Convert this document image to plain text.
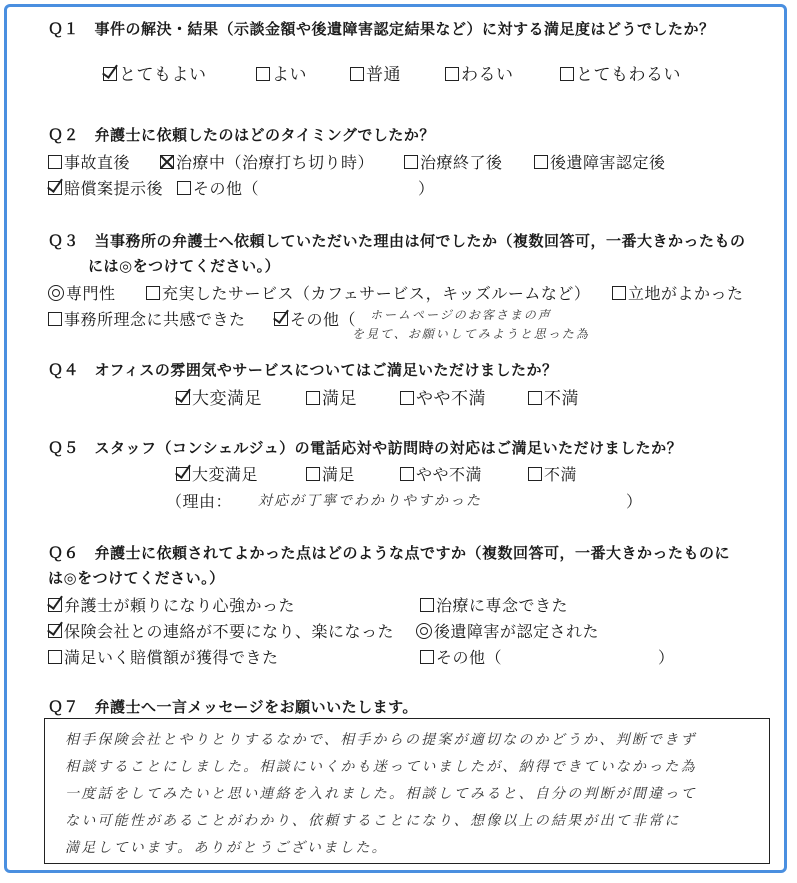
Ｑ１　事件の解決・結果（示談金額や後遺障害認定結果など）に対する満足度はどうでしたか？
とてもよい	よい	普通	わるい	とてもわるい
Ｑ２　弁護士に依頼したのはどのタイミングでしたか？
事故直後	治療中（治療打ち切り時）	治療終了後	後遺障害認定後
賠償案提示後	その他（	）
Ｑ３　当事務所の弁護士へ依頼していただいた理由は何でしたか（複数回答可，一番大きかったもの
には◎をつけてください。）
専門性	充実したサービス（カフェサービス，キッズルームなど）	立地がよかった
事務所理念に共感できた	その他（ ホームページのお客さまの声
を見て、お願いしてみようと思った為
Ｑ４　オフィスの雰囲気やサービスについてはご満足いただけましたか？
大変満足	満足	やや不満	不満
Ｑ５　スタッフ（コンシェルジュ）の電話応対や訪問時の対応はご満足いただけましたか？
大変満足	満足	やや不満	不満
（理由： 対応が丁寧でわかりやすかった	）
Ｑ６　弁護士に依頼されてよかった点はどのような点ですか（複数回答可，一番大きかったものに
は◎をつけてください。）
弁護士が頼りになり心強かった	治療に専念できた
保険会社との連絡が不要になり、楽になった	後遺障害が認定された
満足いく賠償額が獲得できた	その他（	）
Ｑ７　弁護士へ一言メッセージをお願いいたします。
相手保険会社とやりとりするなかで、相手からの提案が適切なのかどうか、判断できず
相談することにしました。相談にいくかも迷っていましたが、納得できていなかった為
一度話をしてみたいと思い連絡を入れました。相談してみると、自分の判断が間違って
ない可能性があることがわかり、依頼することになり、想像以上の結果が出て非常に
満足しています。ありがとうございました。
